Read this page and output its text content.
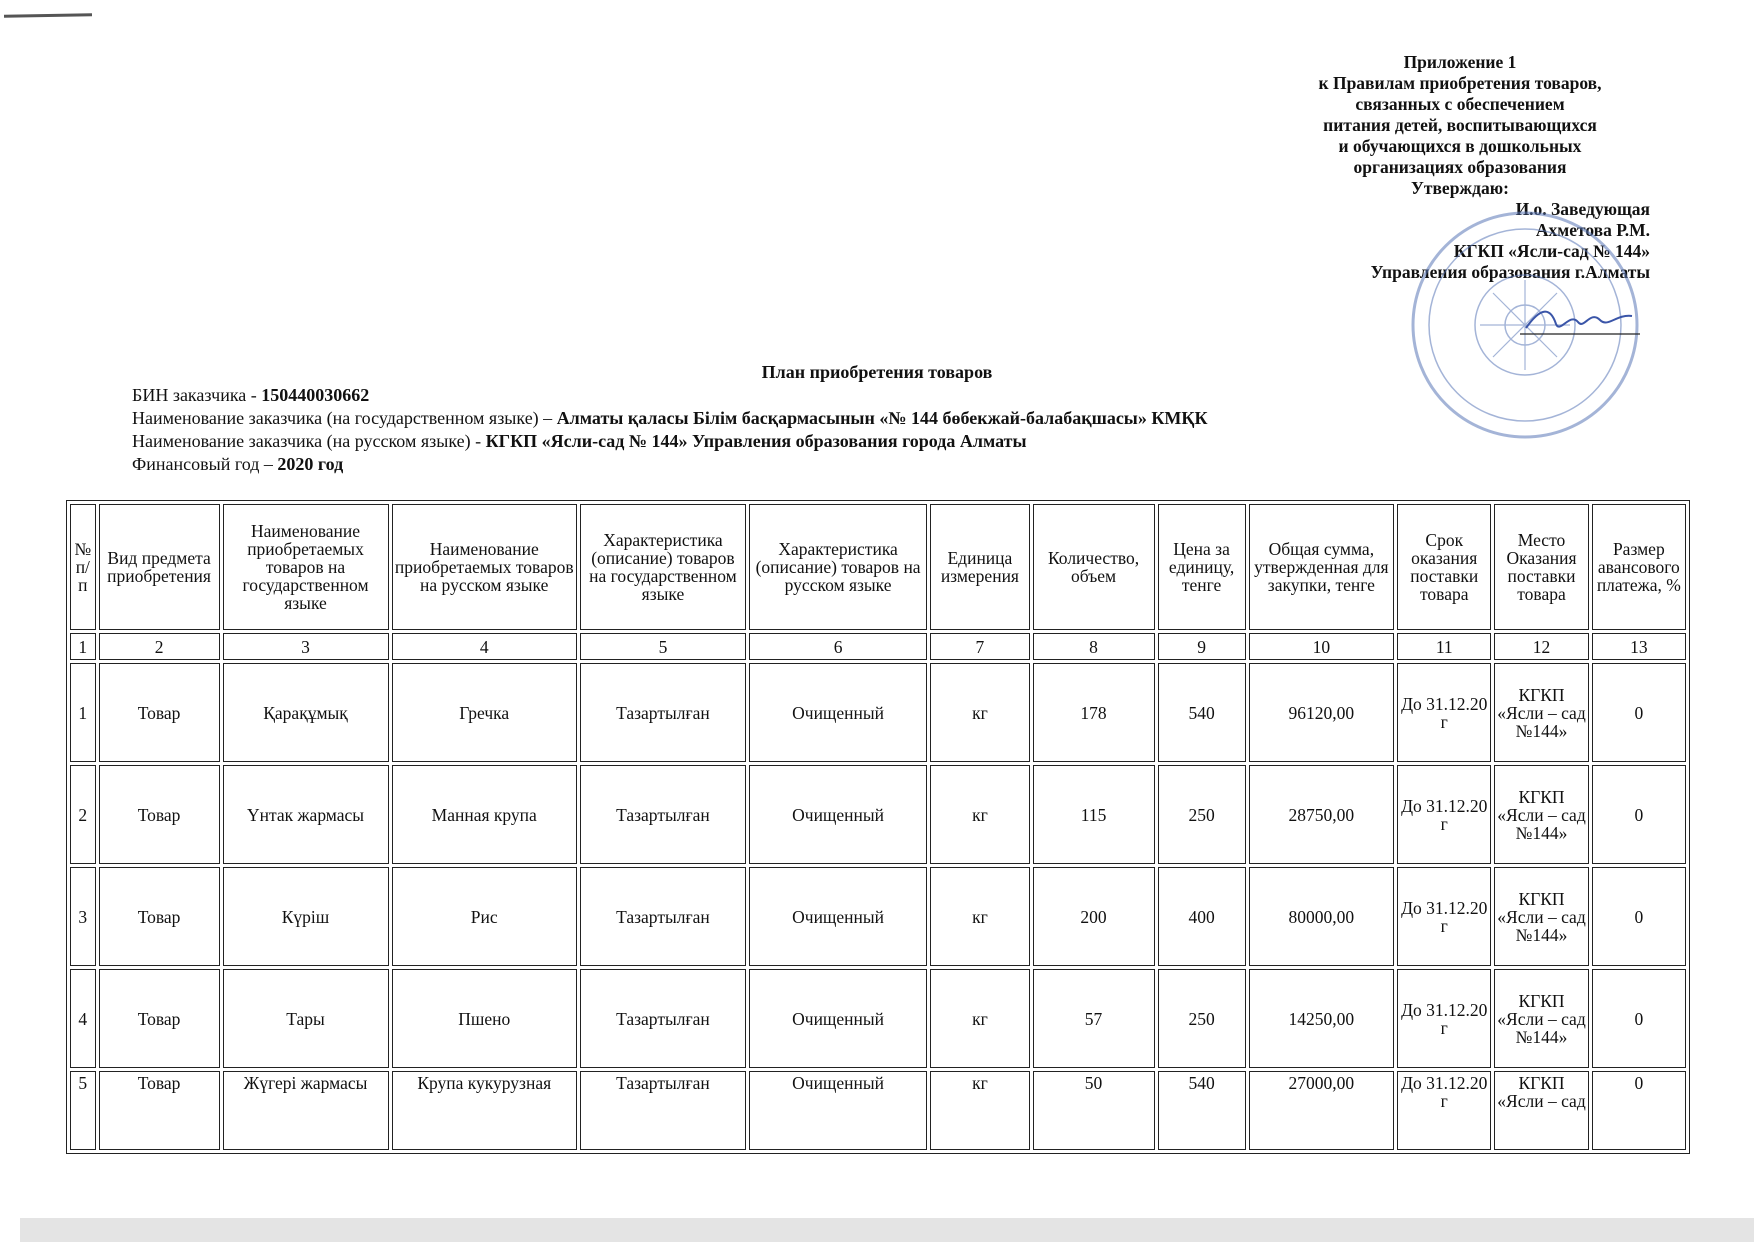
Приложение 1
к Правилам приобретения товаров,
связанных с обеспечением
питания детей, воспитывающихся
и обучающихся в дошкольных
организациях образования
Утверждаю:
И.о. Заведующая
Ахметова Р.М.
КГКП «Ясли-сад № 144»
Управления образования г.Алматы
План приобретения товаров
БИН заказчика - 150440030662
Наименование заказчика (на государственном языке) – Алматы қаласы Білім басқармасынын «№ 144 бөбекжай-балабақшасы» КМҚК
Наименование заказчика (на русском языке) - КГКП «Ясли-сад № 144» Управления образования города Алматы
Финансовый год – 2020 год
№ п/п	Вид предмета приобретения	Наименование приобретаемых товаров на государственном языке	Наименование приобретаемых товаров на русском языке	Характеристика (описание) товаров на государственном языке	Характеристика (описание) товаров на русском языке	Единица измерения	Количество, объем	Цена за единицу, тенге	Общая сумма, утвержденная для закупки, тенге	Срок оказания поставки товара	Место Оказания поставки товара	Размер авансового платежа, %
1	2	3	4	5	6	7	8	9	10	11	12	13
1	Товар	Қарақұмық	Гречка	Тазартылған	Очищенный	кг	178	540	96120,00	До 31.12.20 г	КГКП «Ясли – сад №144»	0
2	Товар	Үнтак жармасы	Манная крупа	Тазартылған	Очищенный	кг	115	250	28750,00	До 31.12.20 г	КГКП «Ясли – сад №144»	0
3	Товар	Күріш	Рис	Тазартылған	Очищенный	кг	200	400	80000,00	До 31.12.20 г	КГКП «Ясли – сад №144»	0
4	Товар	Тары	Пшено	Тазартылған	Очищенный	кг	57	250	14250,00	До 31.12.20 г	КГКП «Ясли – сад №144»	0
5	Товар	Жүгері жармасы	Крупа кукурузная	Тазартылған	Очищенный	кг	50	540	27000,00	До 31.12.20 г	КГКП «Ясли – сад	0
